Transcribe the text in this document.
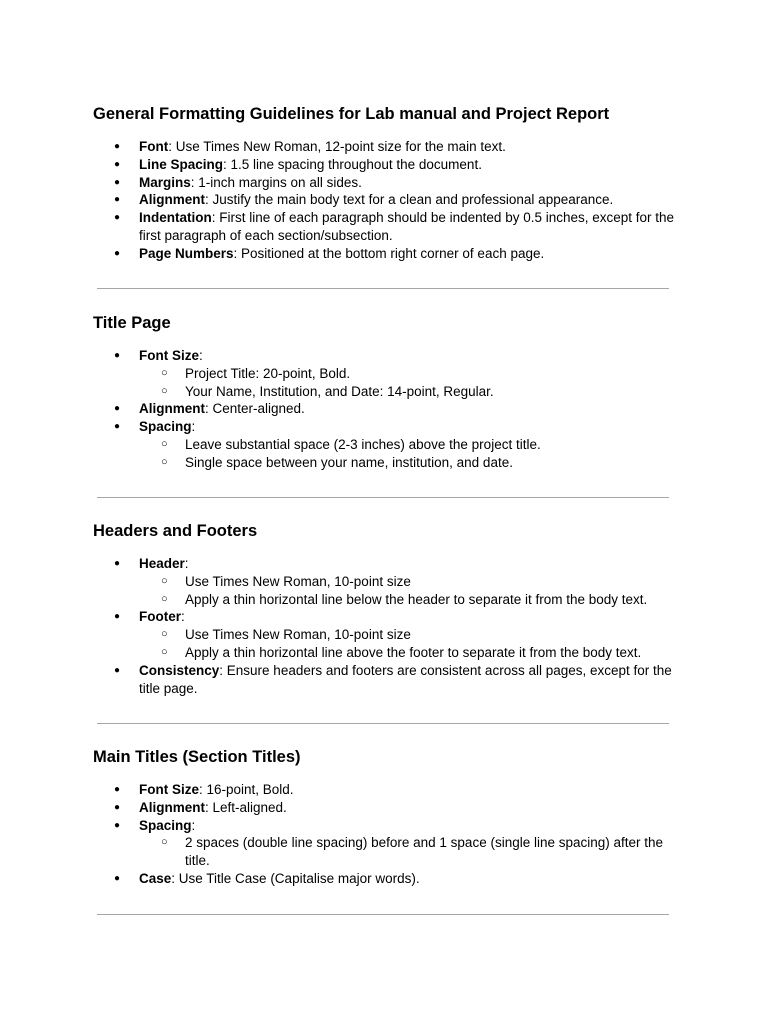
General Formatting Guidelines for Lab manual and Project Report
● Font: Use Times New Roman, 12-point size for the main text.
● Line Spacing: 1.5 line spacing throughout the document.
● Margins: 1-inch margins on all sides.
● Alignment: Justify the main body text for a clean and professional appearance.
● Indentation: First line of each paragraph should be indented by 0.5 inches, except for the first paragraph of each section/subsection.
● Page Numbers: Positioned at the bottom right corner of each page.
Title Page
● Font Size:
○ Project Title: 20-point, Bold.
○ Your Name, Institution, and Date: 14-point, Regular.
● Alignment: Center-aligned.
● Spacing:
○ Leave substantial space (2-3 inches) above the project title.
○ Single space between your name, institution, and date.
Headers and Footers
● Header:
○ Use Times New Roman, 10-point size
○ Apply a thin horizontal line below the header to separate it from the body text.
● Footer:
○ Use Times New Roman, 10-point size
○ Apply a thin horizontal line above the footer to separate it from the body text.
● Consistency: Ensure headers and footers are consistent across all pages, except for the title page.
Main Titles (Section Titles)
● Font Size: 16-point, Bold.
● Alignment: Left-aligned.
● Spacing:
○ 2 spaces (double line spacing) before and 1 space (single line spacing) after the title.
● Case: Use Title Case (Capitalise major words).
